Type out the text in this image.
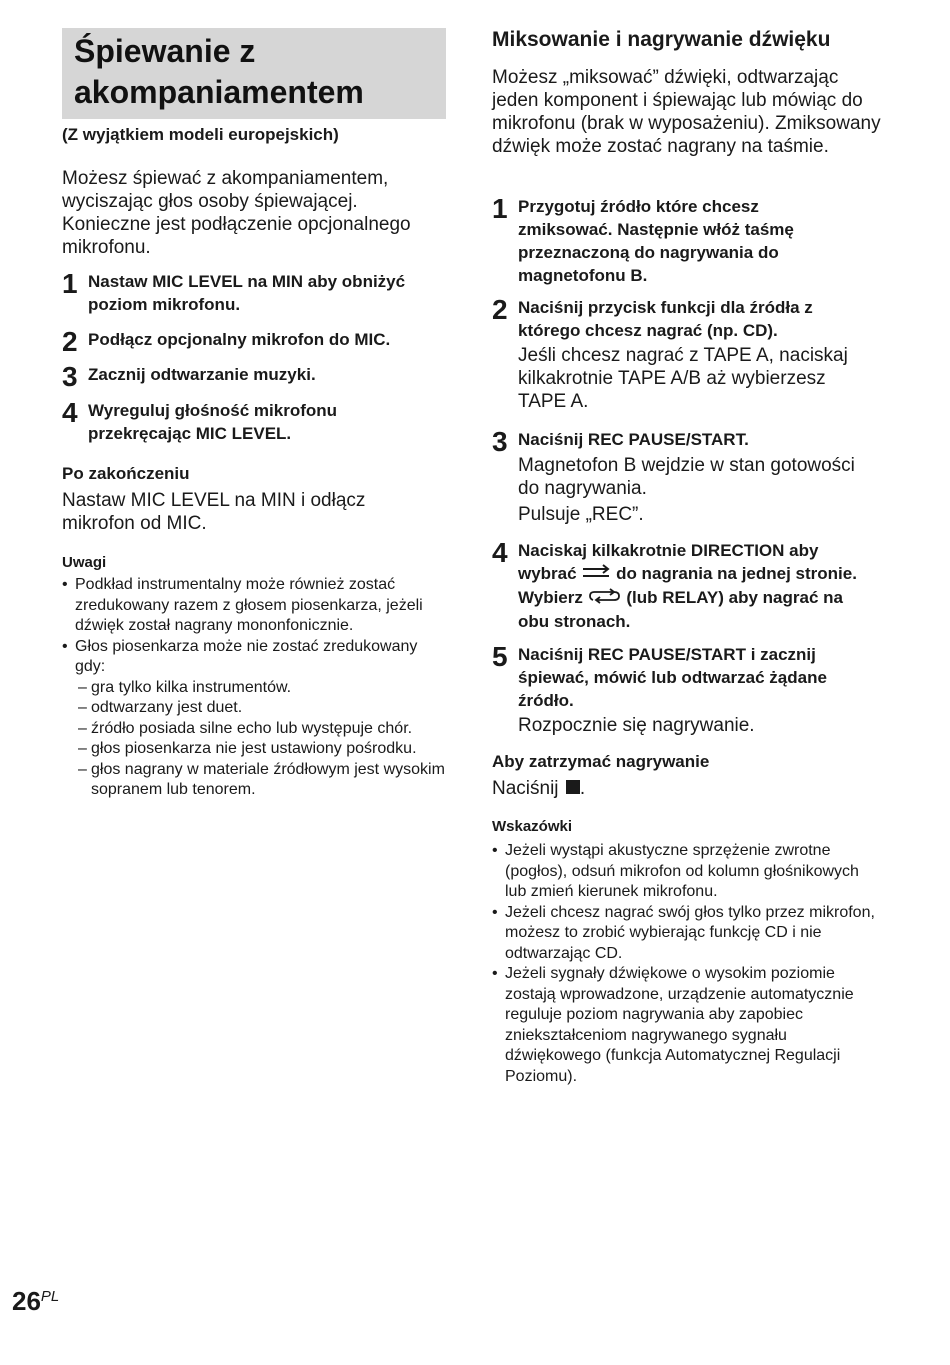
Śpiewanie z akompaniamentem
(Z wyjątkiem modeli europejskich)

Możesz śpiewać z akompaniamentem, wyciszając głos osoby śpiewającej. Konieczne jest podłączenie opcjonalnego mikrofonu.

1 Nastaw MIC LEVEL na MIN aby obniżyć poziom mikrofonu.
2 Podłącz opcjonalny mikrofon do MIC.
3 Zacznij odtwarzanie muzyki.
4 Wyreguluj głośność mikrofonu przekręcając MIC LEVEL.
Po zakończeniu

Nastaw MIC LEVEL na MIN i odłącz mikrofon od MIC.

Uwagi
• Podkład instrumentalny może również zostać zredukowany razem z głosem piosenkarza, jeżeli dźwięk został nagrany mononfonicznie.
• Głos piosenkarza może nie zostać zredukowany gdy:
– gra tylko kilka instrumentów.
– odtwarzany jest duet.
– źródło posiada silne echo lub występuje chór.
– głos piosenkarza nie jest ustawiony pośrodku.
– głos nagrany w materiale źródłowym jest wysokim sopranem lub tenorem.
Miksowanie i nagrywanie dźwięku

Możesz „miksować” dźwięki, odtwarzając jeden komponent i śpiewając lub mówiąc do mikrofonu (brak w wyposażeniu). Zmiksowany dźwięk może zostać nagrany na taśmie.

1 Przygotuj źródło które chcesz zmiksować. Następnie włóż taśmę przeznaczoną do nagrywania do magnetofonu B.
2 Naciśnij przycisk funkcji dla źródła z którego chcesz nagrać (np. CD).
Jeśli chcesz nagrać z TAPE A, naciskaj kilkakrotnie TAPE A/B aż wybierzesz TAPE A.
3 Naciśnij REC PAUSE/START.
Magnetofon B wejdzie w stan gotowości do nagrywania.
Pulsuje „REC”.
4 Naciskaj kilkakrotnie DIRECTION aby wybrać do nagrania na jednej stronie. Wybierz	(lub RELAY) aby nagrać na obu stronach.
5 Naciśnij REC PAUSE/START i zacznij śpiewać, mówić lub odtwarzać żądane źródło.
Rozpocznie się nagrywanie.
Aby zatrzymać nagrywanie
Naciśnij .
Wskazówki
• Jeżeli wystąpi akustyczne sprzężenie zwrotne (pogłos), odsuń mikrofon od kolumn głośnikowych lub zmień kierunek mikrofonu.
• Jeżeli chcesz nagrać swój głos tylko przez mikrofon, możesz to zrobić wybierając funkcję CD i nie odtwarzając CD.
• Jeżeli sygnały dźwiękowe o wysokim poziomie zostają wprowadzone, urządzenie automatycznie reguluje poziom nagrywania aby zapobiec zniekształceniom nagrywanego sygnału dźwiękowego (funkcja Automatycznej Regulacji Poziomu).
$26^{PL}$
